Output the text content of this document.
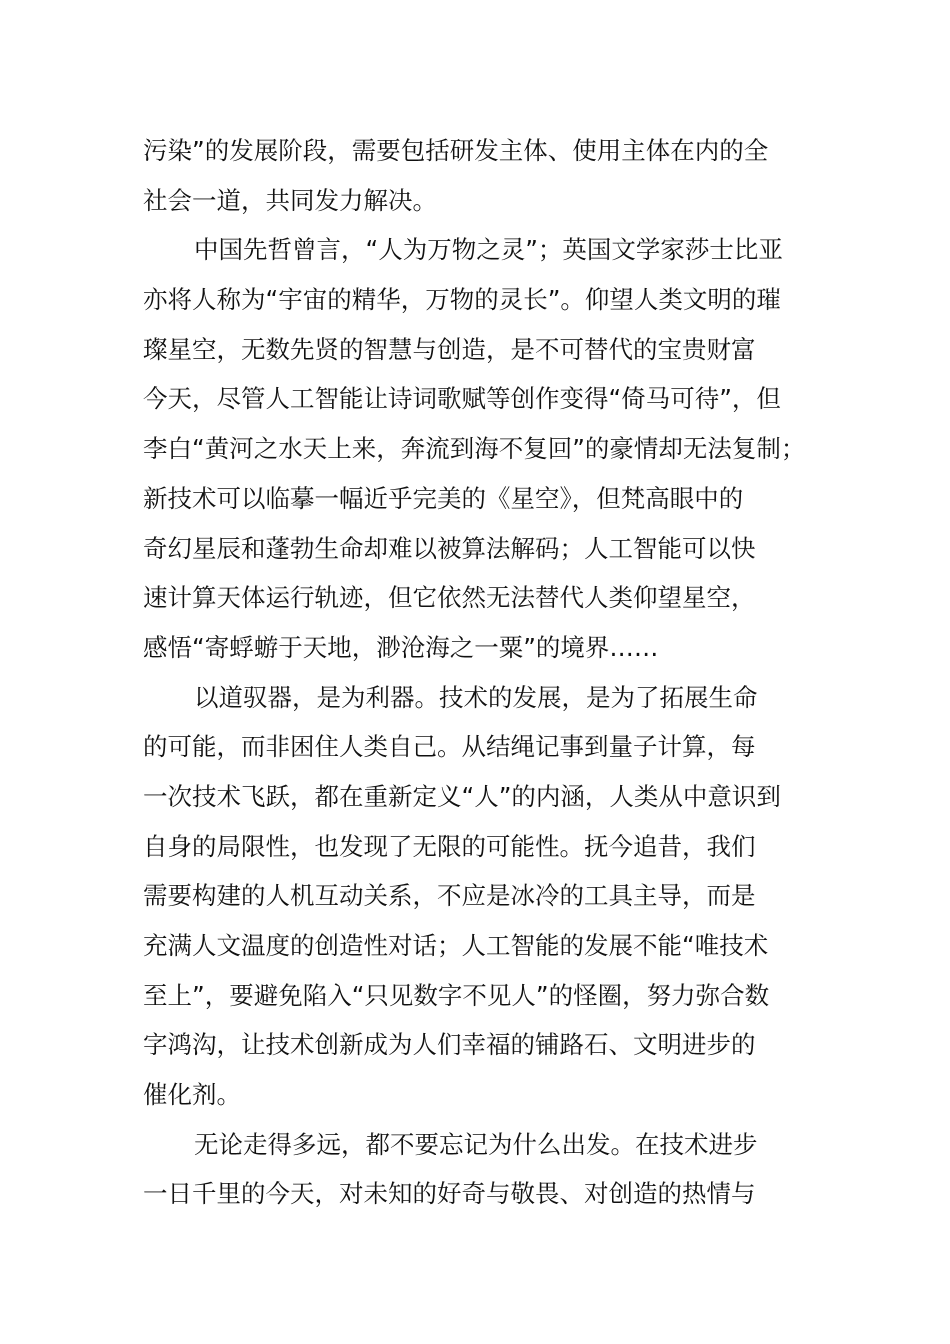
污染”的发展阶段，需要包括研发主体、使用主体在内的全
社会一道，共同发力解决。
中国先哲曾言，“人为万物之灵”；英国文学家莎士比亚
亦将人称为“宇宙的精华，万物的灵长”。仰望人类文明的璀
璨星空，无数先贤的智慧与创造，是不可替代的宝贵财富
今天，尽管人工智能让诗词歌赋等创作变得“倚马可待”，但
李白“黄河之水天上来，奔流到海不复回”的豪情却无法复制；
新技术可以临摹一幅近乎完美的《星空》，但梵高眼中的
奇幻星辰和蓬勃生命却难以被算法解码；人工智能可以快
速计算天体运行轨迹，但它依然无法替代人类仰望星空，
感悟“寄蜉蝣于天地，渺沧海之一粟”的境界……
以道驭器，是为利器。技术的发展，是为了拓展生命
的可能，而非困住人类自己。从结绳记事到量子计算，每
一次技术飞跃，都在重新定义“人”的内涵，人类从中意识到
自身的局限性，也发现了无限的可能性。抚今追昔，我们
需要构建的人机互动关系，不应是冰冷的工具主导，而是
充满人文温度的创造性对话；人工智能的发展不能“唯技术
至上”，要避免陷入“只见数字不见人”的怪圈，努力弥合数
字鸿沟，让技术创新成为人们幸福的铺路石、文明进步的
催化剂。
无论走得多远，都不要忘记为什么出发。在技术进步
一日千里的今天，对未知的好奇与敬畏、对创造的热情与
